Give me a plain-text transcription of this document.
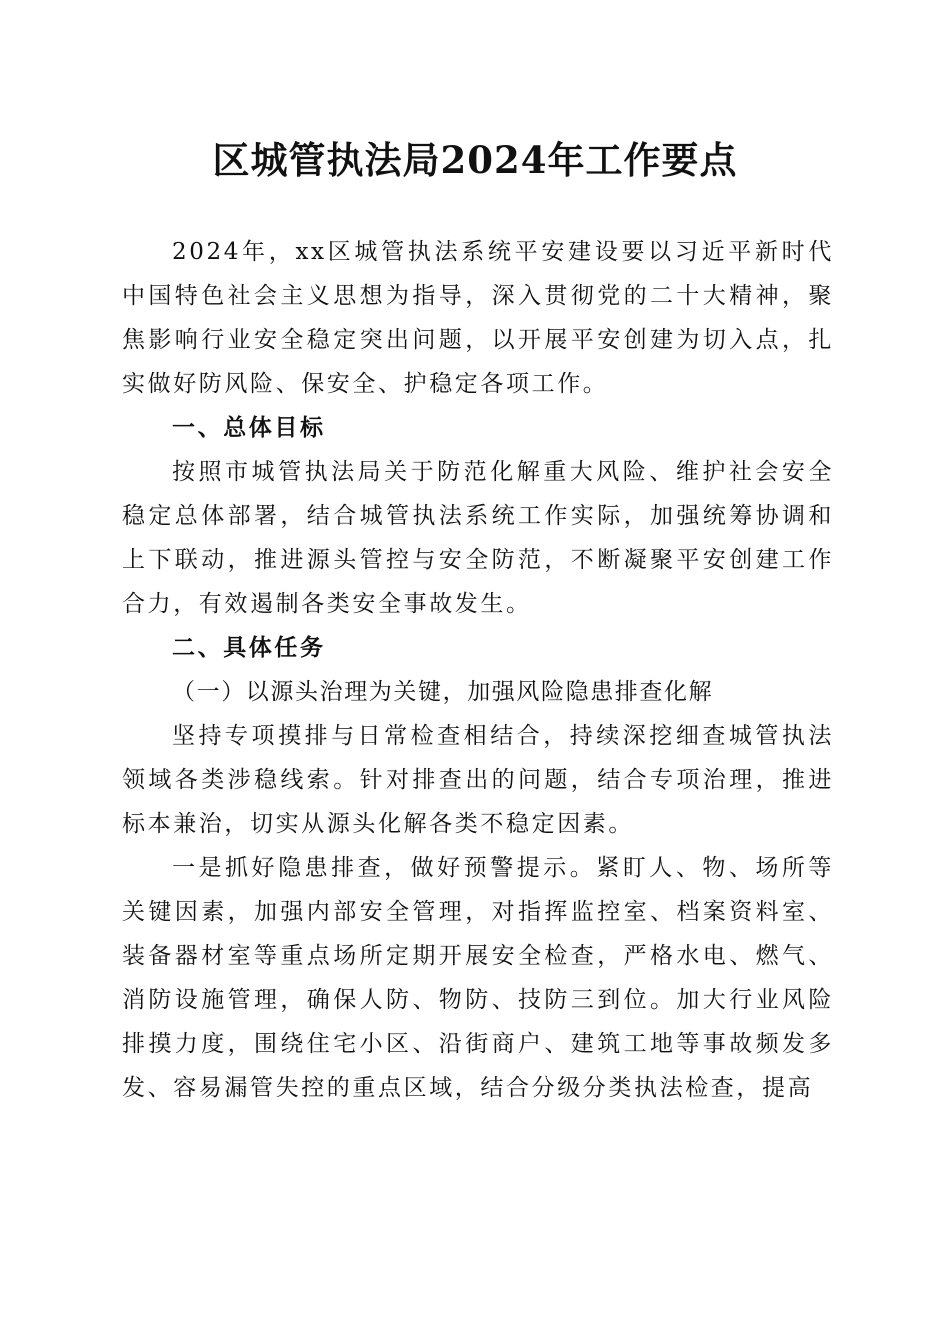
区城管执法局2024年工作要点

2024年，xx区城管执法系统平安建设要以习近平新时代中国特色社会主义思想为指导，深入贯彻党的二十大精神，聚焦影响行业安全稳定突出问题，以开展平安创建为切入点，扎实做好防风险、保安全、护稳定各项工作。

一、总体目标

按照市城管执法局关于防范化解重大风险、维护社会安全稳定总体部署，结合城管执法系统工作实际，加强统筹协调和上下联动，推进源头管控与安全防范，不断凝聚平安创建工作合力，有效遏制各类安全事故发生。

二、具体任务

（一）以源头治理为关键，加强风险隐患排查化解

坚持专项摸排与日常检查相结合，持续深挖细查城管执法领域各类涉稳线索。针对排查出的问题，结合专项治理，推进标本兼治，切实从源头化解各类不稳定因素。

一是抓好隐患排查，做好预警提示。紧盯人、物、场所等关键因素，加强内部安全管理，对指挥监控室、档案资料室、装备器材室等重点场所定期开展安全检查，严格水电、燃气、消防设施管理，确保人防、物防、技防三到位。加大行业风险排摸力度，围绕住宅小区、沿街商户、建筑工地等事故频发多发、容易漏管失控的重点区域，结合分级分类执法检查，提高
